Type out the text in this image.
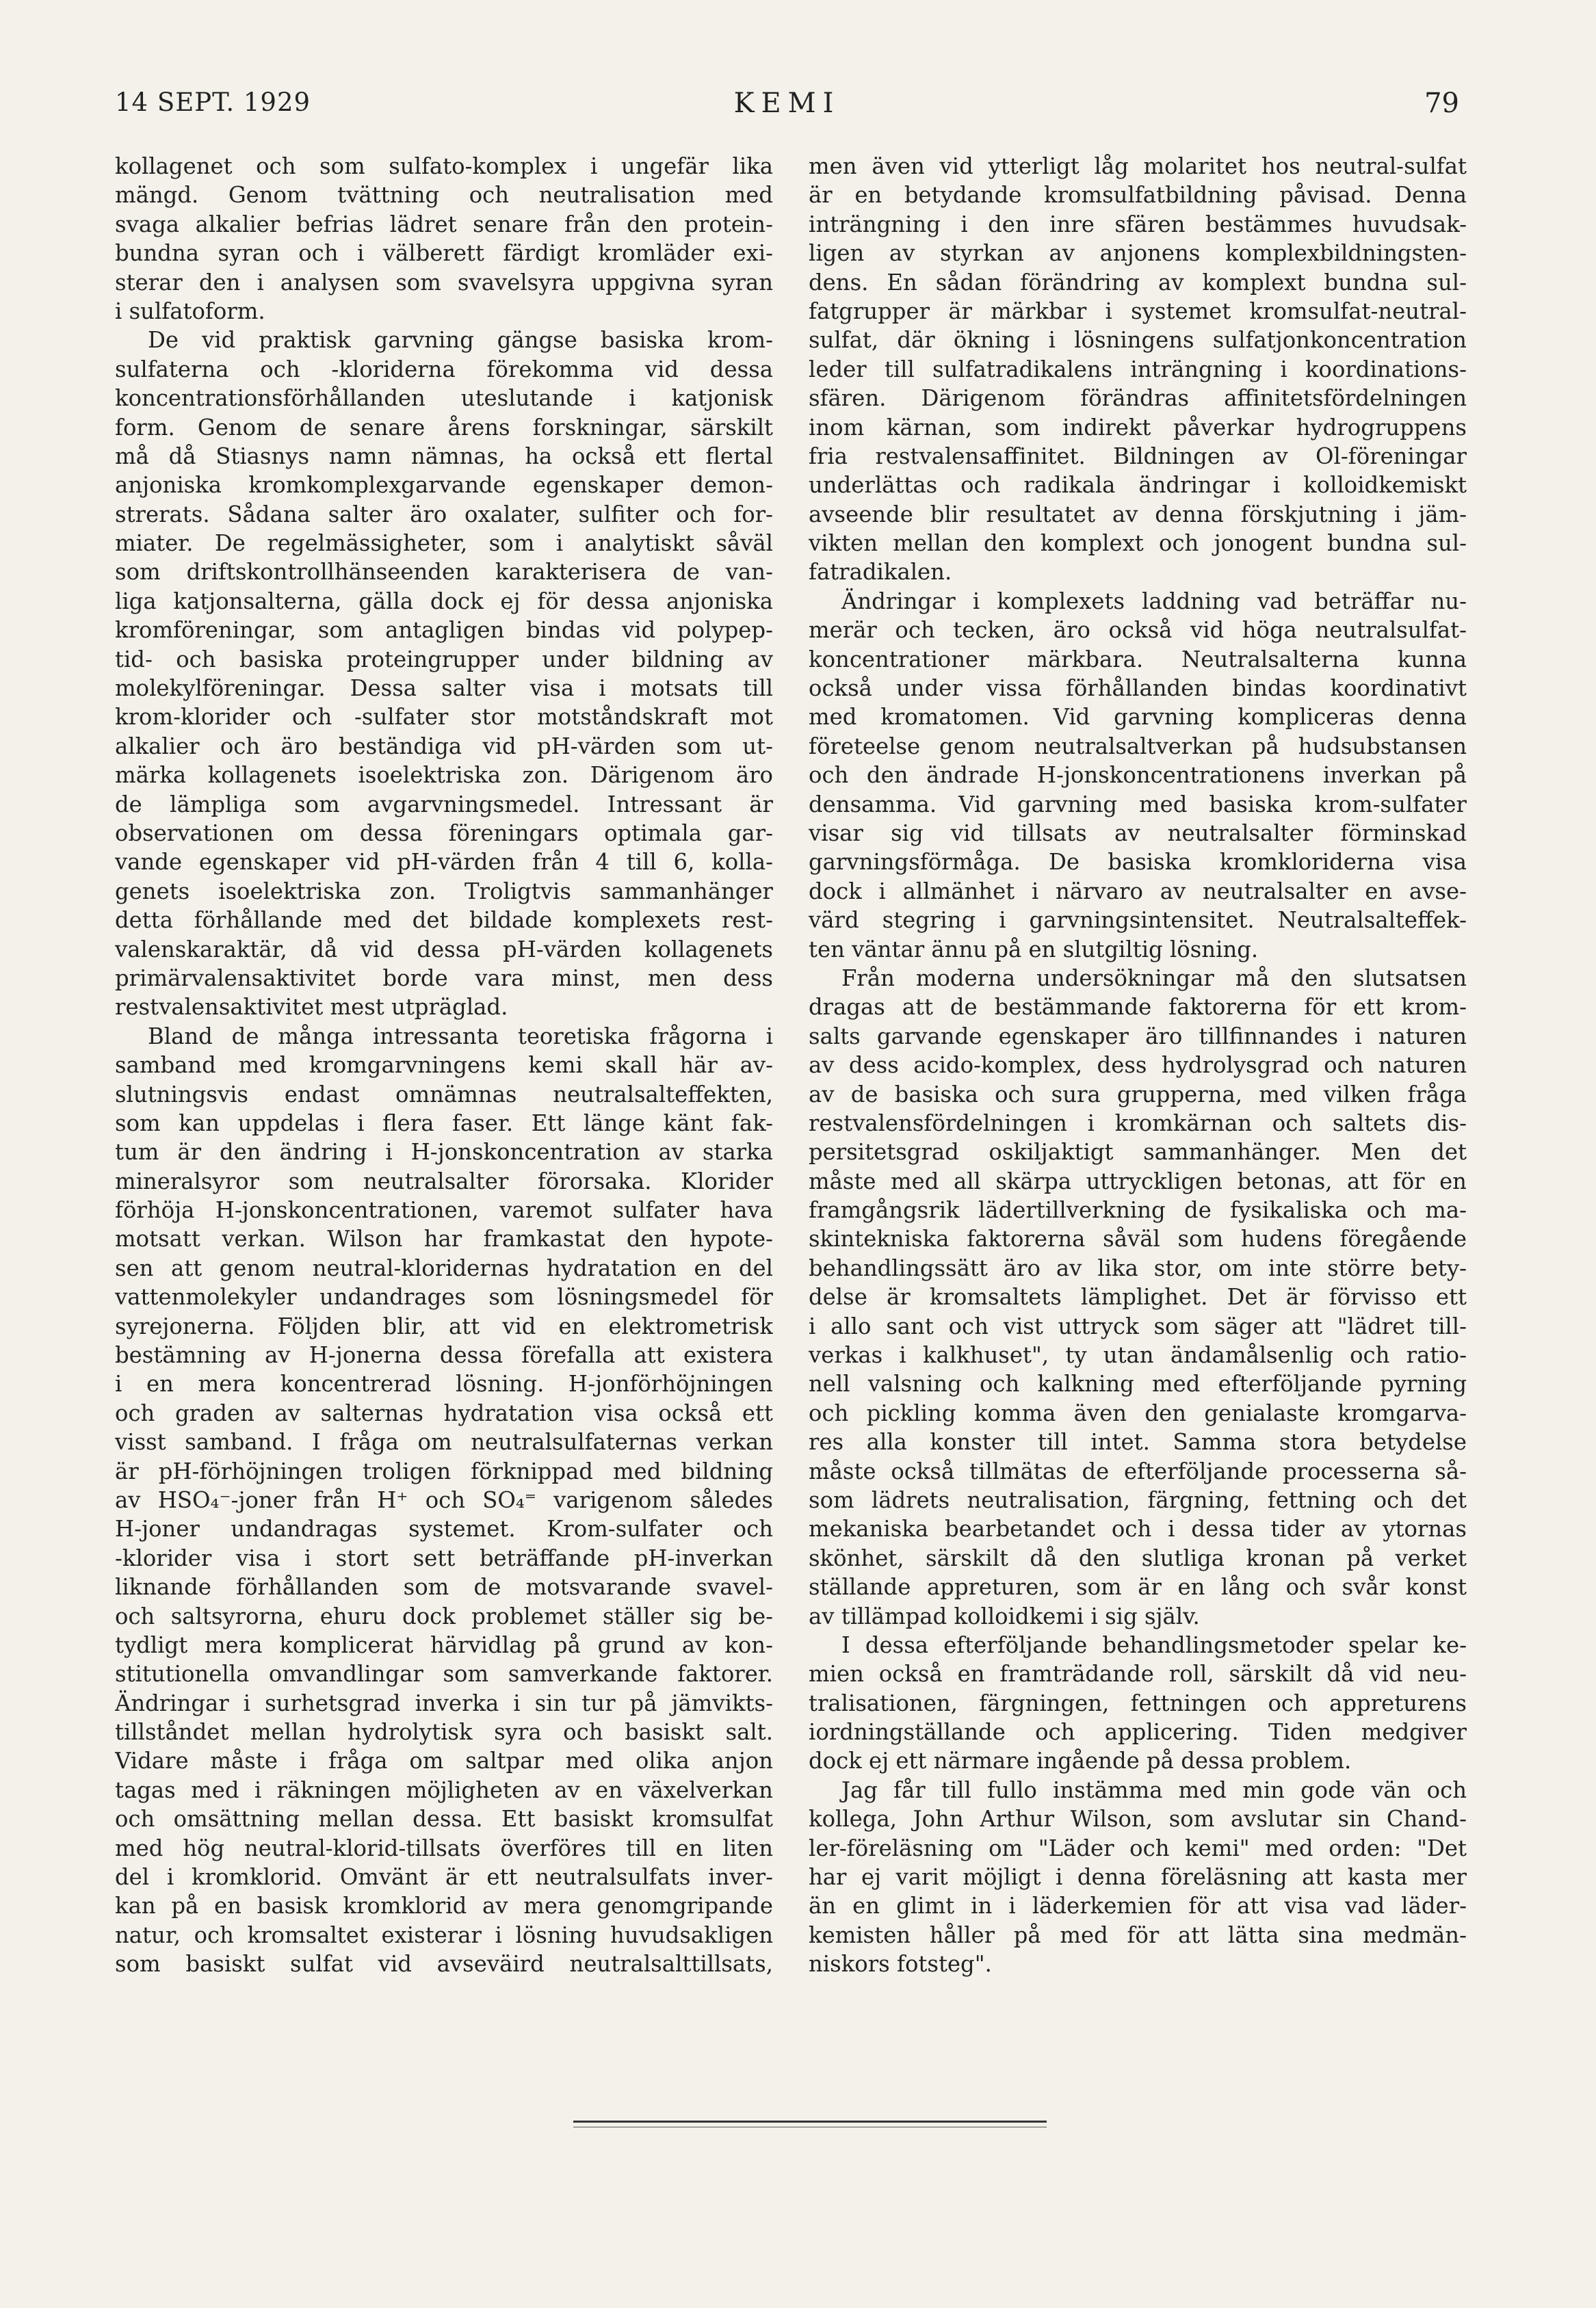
14 SEPT. 1929	KEMI	79
kollagenet och som sulfato-komplex i ungefär lika
mängd. Genom tvättning och neutralisation med
svaga alkalier befrias lädret senare från den protein-
bundna syran och i välberett färdigt kromläder exi-
sterar den i analysen som svavelsyra uppgivna syran
i sulfatoform.
De vid praktisk garvning gängse basiska krom-
sulfaterna och -kloriderna förekomma vid dessa
koncentrationsförhållanden uteslutande i katjonisk
form. Genom de senare årens forskningar, särskilt
må då Stiasnys namn nämnas, ha också ett flertal
anjoniska kromkomplexgarvande egenskaper demon-
strerats. Sådana salter äro oxalater, sulfiter och for-
miater. De regelmässigheter, som i analytiskt såväl
som driftskontrollhänseenden karakterisera de van-
liga katjonsalterna, gälla dock ej för dessa anjoniska
kromföreningar, som antagligen bindas vid polypep-
tid- och basiska proteingrupper under bildning av
molekylföreningar. Dessa salter visa i motsats till
krom-klorider och -sulfater stor motståndskraft mot
alkalier och äro beständiga vid pH-värden som ut-
märka kollagenets isoelektriska zon. Därigenom äro
de lämpliga som avgarvningsmedel. Intressant är
observationen om dessa föreningars optimala gar-
vande egenskaper vid pH-värden från 4 till 6, kolla-
genets isoelektriska zon. Troligtvis sammanhänger
detta förhållande med det bildade komplexets rest-
valenskaraktär, då vid dessa pH-värden kollagenets
primärvalensaktivitet borde vara minst, men dess
restvalensaktivitet mest utpräglad.
Bland de många intressanta teoretiska frågorna i
samband med kromgarvningens kemi skall här av-
slutningsvis endast omnämnas neutralsalteffekten,
som kan uppdelas i flera faser. Ett länge känt fak-
tum är den ändring i H-jonskoncentration av starka
mineralsyror som neutralsalter förorsaka. Klorider
förhöja H-jonskoncentrationen, varemot sulfater hava
motsatt verkan. Wilson har framkastat den hypote-
sen att genom neutral-kloridernas hydratation en del
vattenmolekyler undandrages som lösningsmedel för
syrejonerna. Följden blir, att vid en elektrometrisk
bestämning av H-jonerna dessa förefalla att existera
i en mera koncentrerad lösning. H-jonförhöjningen
och graden av salternas hydratation visa också ett
visst samband. I fråga om neutralsulfaternas verkan
är pH-förhöjningen troligen förknippad med bildning
av HSO₄⁻-joner från H⁺ och SO₄⁼ varigenom således
H-joner undandragas systemet. Krom-sulfater och
-klorider visa i stort sett beträffande pH-inverkan
liknande förhållanden som de motsvarande svavel-
och saltsyrorna, ehuru dock problemet ställer sig be-
tydligt mera komplicerat härvidlag på grund av kon-
stitutionella omvandlingar som samverkande faktorer.
Ändringar i surhetsgrad inverka i sin tur på jämvikts-
tillståndet mellan hydrolytisk syra och basiskt salt.
Vidare måste i fråga om saltpar med olika anjon
tagas med i räkningen möjligheten av en växelverkan
och omsättning mellan dessa. Ett basiskt kromsulfat
med hög neutral-klorid-tillsats överföres till en liten
del i kromklorid. Omvänt är ett neutralsulfats inver-
kan på en basisk kromklorid av mera genomgripande
natur, och kromsaltet existerar i lösning huvudsakligen
som basiskt sulfat vid avseväird neutralsalttillsats,
men även vid ytterligt låg molaritet hos neutral-sulfat
är en betydande kromsulfatbildning påvisad. Denna
inträngning i den inre sfären bestämmes huvudsak-
ligen av styrkan av anjonens komplexbildningsten-
dens. En sådan förändring av komplext bundna sul-
fatgrupper är märkbar i systemet kromsulfat-neutral-
sulfat, där ökning i lösningens sulfatjonkoncentration
leder till sulfatradikalens inträngning i koordinations-
sfären. Därigenom förändras affinitetsfördelningen
inom kärnan, som indirekt påverkar hydrogruppens
fria restvalensaffinitet. Bildningen av Ol-föreningar
underlättas och radikala ändringar i kolloidkemiskt
avseende blir resultatet av denna förskjutning i jäm-
vikten mellan den komplext och jonogent bundna sul-
fatradikalen.
Ändringar i komplexets laddning vad beträffar nu-
merär och tecken, äro också vid höga neutralsulfat-
koncentrationer märkbara. Neutralsalterna kunna
också under vissa förhållanden bindas koordinativt
med kromatomen. Vid garvning kompliceras denna
företeelse genom neutralsaltverkan på hudsubstansen
och den ändrade H-jonskoncentrationens inverkan på
densamma. Vid garvning med basiska krom-sulfater
visar sig vid tillsats av neutralsalter förminskad
garvningsförmåga. De basiska kromkloriderna visa
dock i allmänhet i närvaro av neutralsalter en avse-
värd stegring i garvningsintensitet. Neutralsalteffek-
ten väntar ännu på en slutgiltig lösning.
Från moderna undersökningar må den slutsatsen
dragas att de bestämmande faktorerna för ett krom-
salts garvande egenskaper äro tillfinnandes i naturen
av dess acido-komplex, dess hydrolysgrad och naturen
av de basiska och sura grupperna, med vilken fråga
restvalensfördelningen i kromkärnan och saltets dis-
persitetsgrad oskiljaktigt sammanhänger. Men det
måste med all skärpa uttryckligen betonas, att för en
framgångsrik lädertillverkning de fysikaliska och ma-
skintekniska faktorerna såväl som hudens föregående
behandlingssätt äro av lika stor, om inte större bety-
delse är kromsaltets lämplighet. Det är förvisso ett
i allo sant och vist uttryck som säger att "lädret till-
verkas i kalkhuset", ty utan ändamålsenlig och ratio-
nell valsning och kalkning med efterföljande pyrning
och pickling komma även den genialaste kromgarva-
res alla konster till intet. Samma stora betydelse
måste också tillmätas de efterföljande processerna så-
som lädrets neutralisation, färgning, fettning och det
mekaniska bearbetandet och i dessa tider av ytornas
skönhet, särskilt då den slutliga kronan på verket
ställande appreturen, som är en lång och svår konst
av tillämpad kolloidkemi i sig själv.
I dessa efterföljande behandlingsmetoder spelar ke-
mien också en framträdande roll, särskilt då vid neu-
tralisationen, färgningen, fettningen och appreturens
iordningställande och applicering. Tiden medgiver
dock ej ett närmare ingående på dessa problem.
Jag får till fullo instämma med min gode vän och
kollega, John Arthur Wilson, som avslutar sin Chand-
ler-föreläsning om "Läder och kemi" med orden: "Det
har ej varit möjligt i denna föreläsning att kasta mer
än en glimt in i läderkemien för att visa vad läder-
kemisten håller på med för att lätta sina medmän-
niskors fotsteg".
